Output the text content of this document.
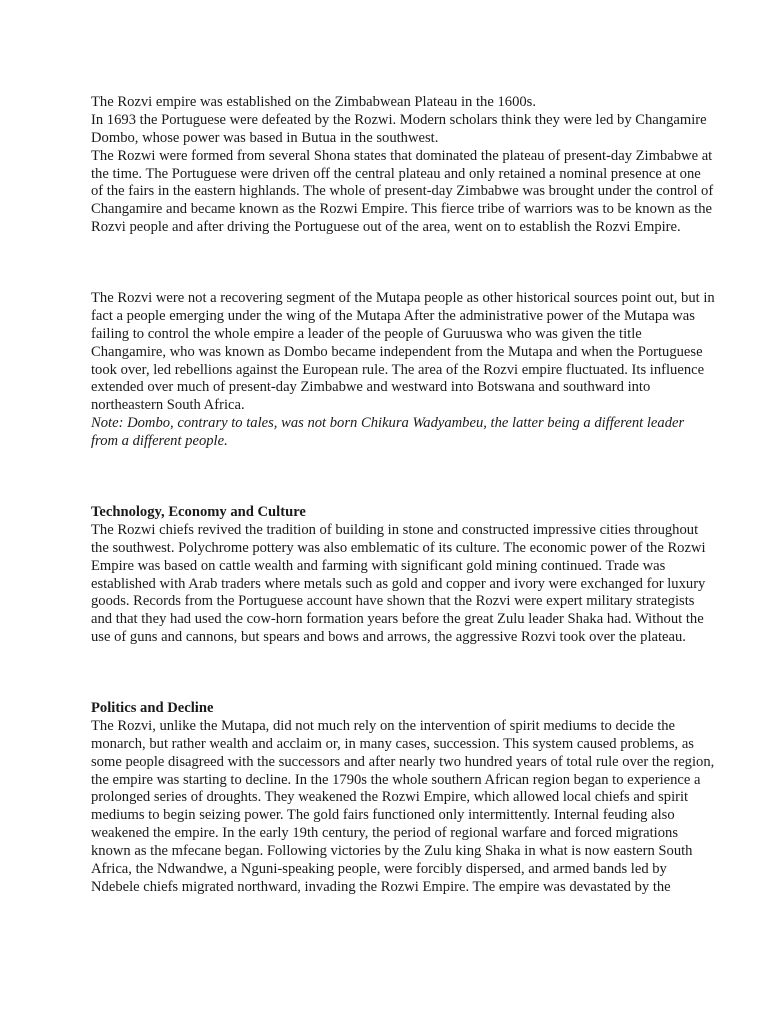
The Rozvi empire was established on the Zimbabwean Plateau in the 1600s.
In 1693 the Portuguese were defeated by the Rozwi. Modern scholars think they were led by Changamire
Dombo, whose power was based in Butua in the southwest.
The Rozwi were formed from several Shona states that dominated the plateau of present-day Zimbabwe at
the time. The Portuguese were driven off the central plateau and only retained a nominal presence at one
of the fairs in the eastern highlands. The whole of present-day Zimbabwe was brought under the control of
Changamire and became known as the Rozwi Empire. This fierce tribe of warriors was to be known as the
Rozvi people and after driving the Portuguese out of the area, went on to establish the Rozvi Empire.
The Rozvi were not a recovering segment of the Mutapa people as other historical sources point out, but in
fact a people emerging under the wing of the Mutapa After the administrative power of the Mutapa was
failing to control the whole empire a leader of the people of Guruuswa who was given the title
Changamire, who was known as Dombo became independent from the Mutapa and when the Portuguese
took over, led rebellions against the European rule. The area of the Rozvi empire fluctuated. Its influence
extended over much of present-day Zimbabwe and westward into Botswana and southward into
northeastern South Africa.
Note: Dombo, contrary to tales, was not born Chikura Wadyambeu, the latter being a different leader
from a different people.
Technology, Economy and Culture
The Rozwi chiefs revived the tradition of building in stone and constructed impressive cities throughout
the southwest. Polychrome pottery was also emblematic of its culture. The economic power of the Rozwi
Empire was based on cattle wealth and farming with significant gold mining continued. Trade was
established with Arab traders where metals such as gold and copper and ivory were exchanged for luxury
goods. Records from the Portuguese account have shown that the Rozvi were expert military strategists
and that they had used the cow-horn formation years before the great Zulu leader Shaka had. Without the
use of guns and cannons, but spears and bows and arrows, the aggressive Rozvi took over the plateau.
Politics and Decline
The Rozvi, unlike the Mutapa, did not much rely on the intervention of spirit mediums to decide the
monarch, but rather wealth and acclaim or, in many cases, succession. This system caused problems, as
some people disagreed with the successors and after nearly two hundred years of total rule over the region,
the empire was starting to decline. In the 1790s the whole southern African region began to experience a
prolonged series of droughts. They weakened the Rozwi Empire, which allowed local chiefs and spirit
mediums to begin seizing power. The gold fairs functioned only intermittently. Internal feuding also
weakened the empire. In the early 19th century, the period of regional warfare and forced migrations
known as the mfecane began. Following victories by the Zulu king Shaka in what is now eastern South
Africa, the Ndwandwe, a Nguni-speaking people, were forcibly dispersed, and armed bands led by
Ndebele chiefs migrated northward, invading the Rozwi Empire. The empire was devastated by the
